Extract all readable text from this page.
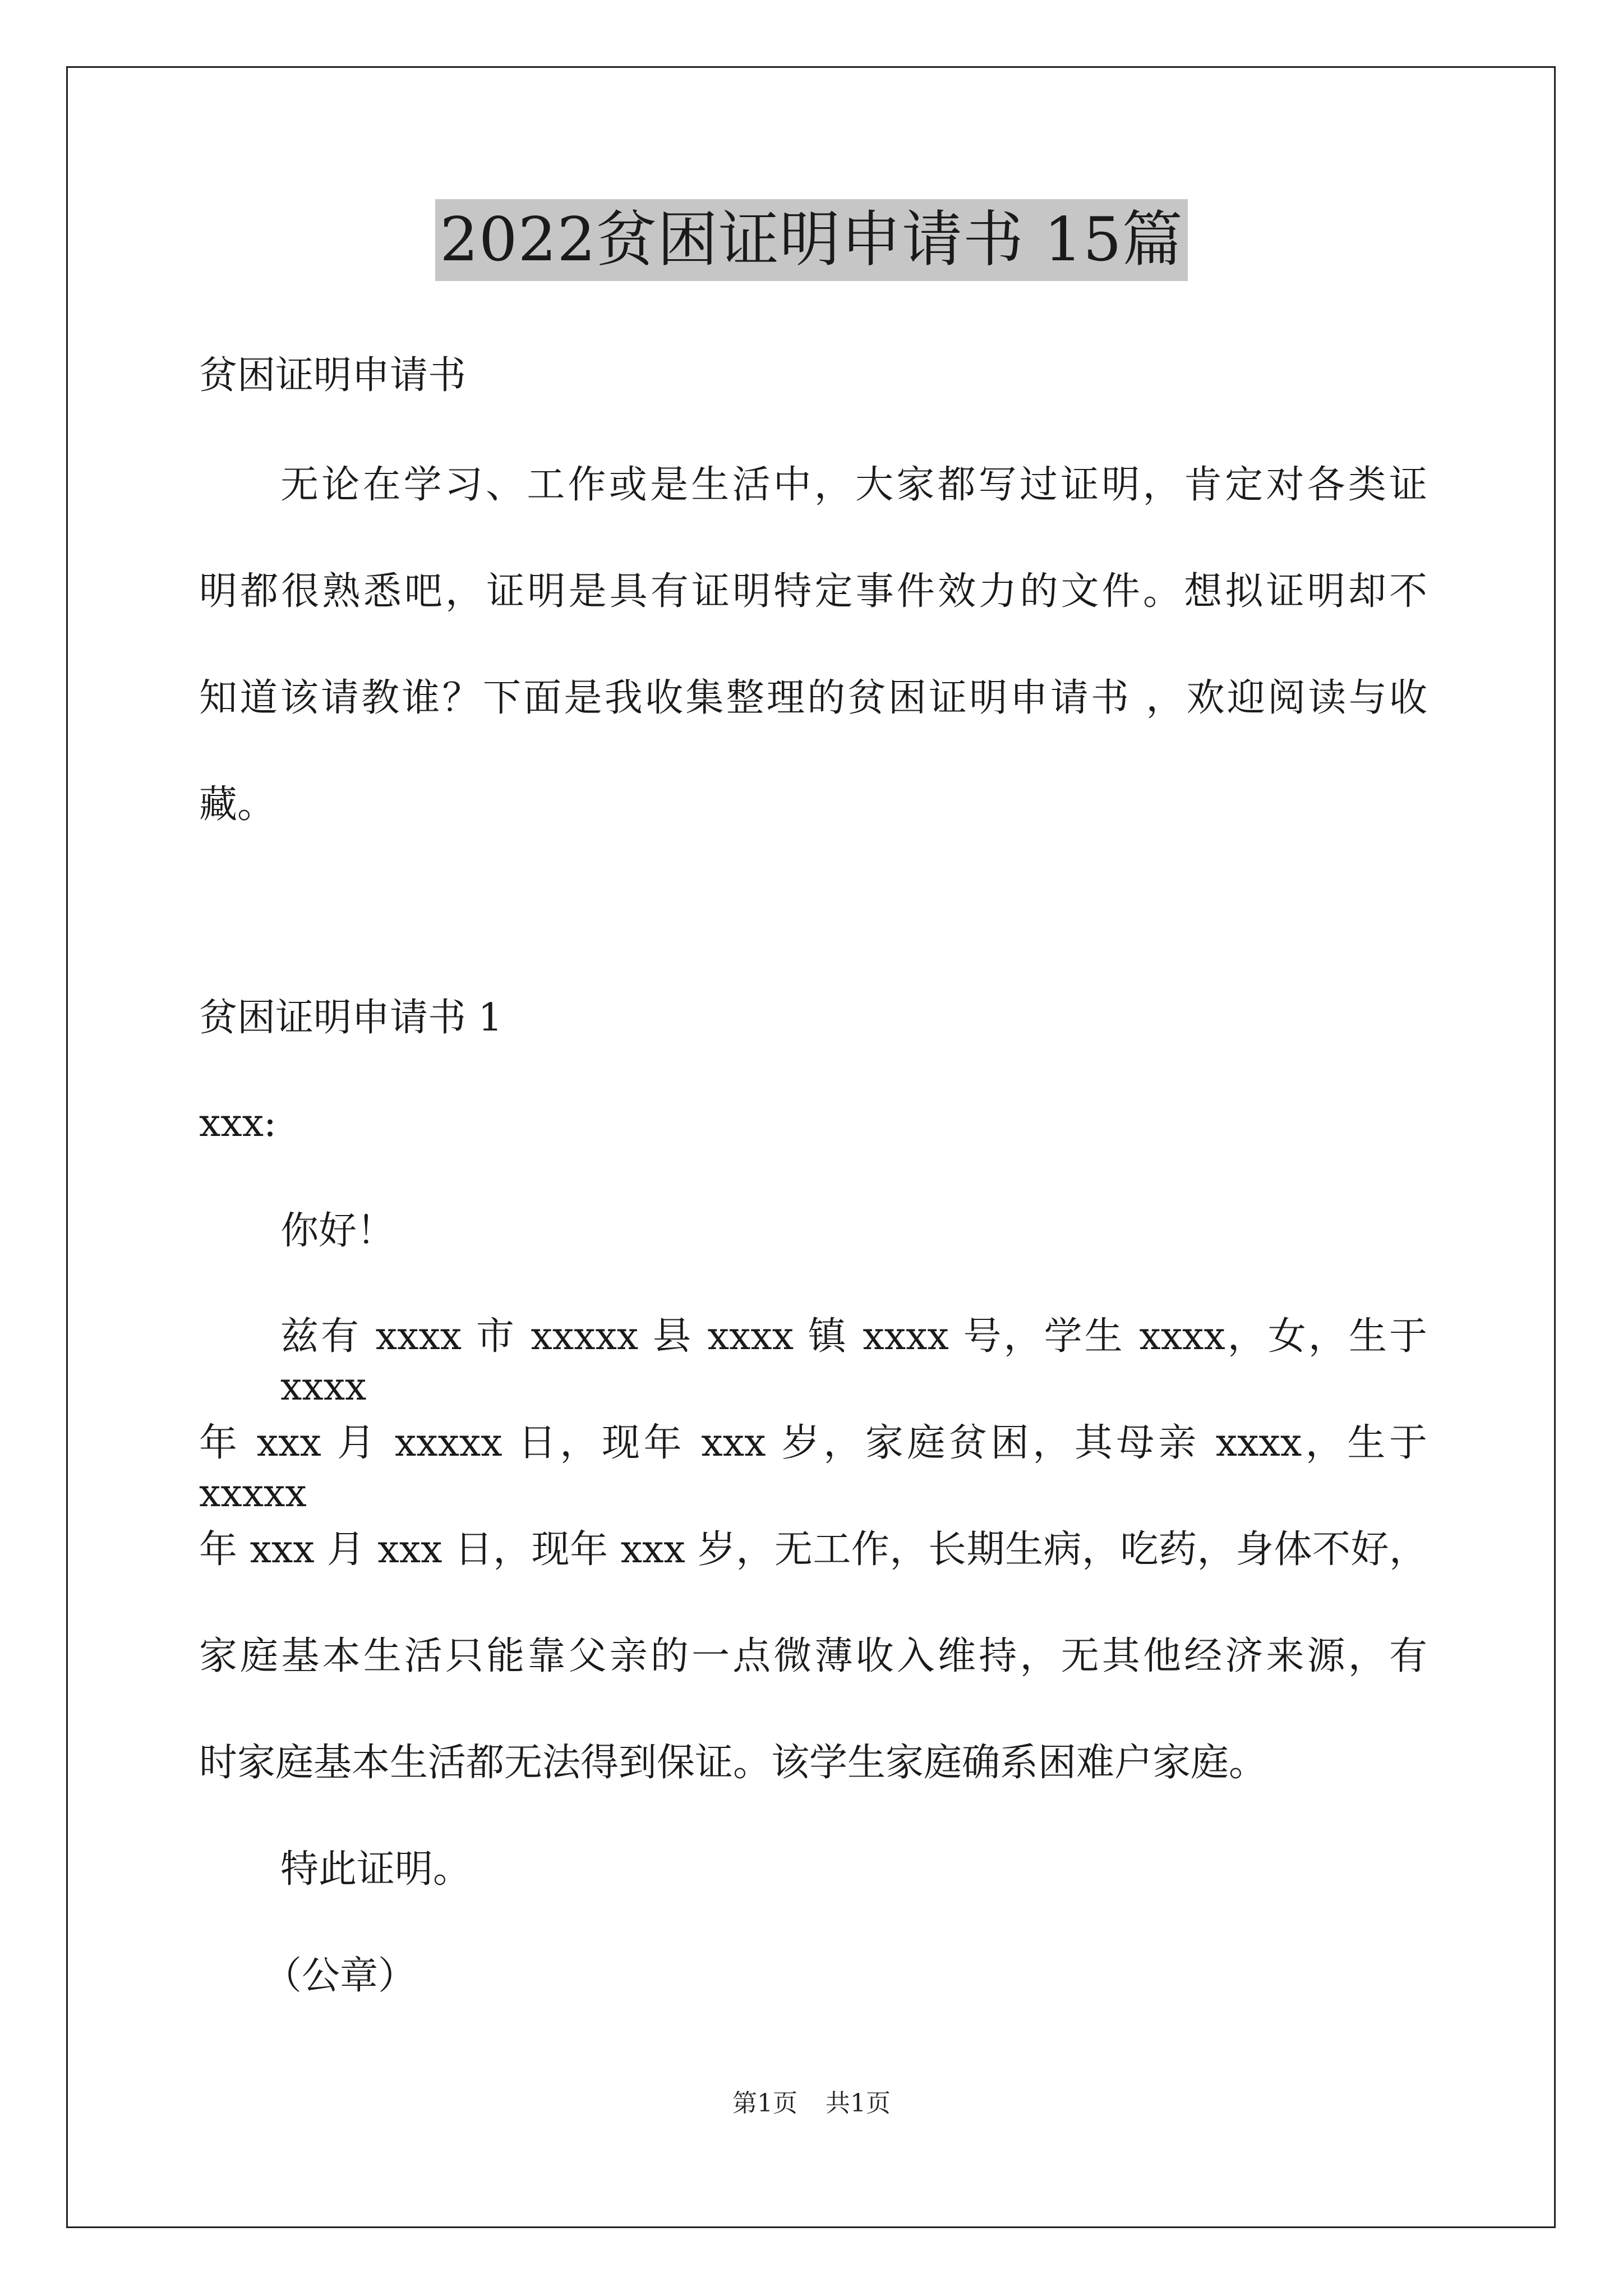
2022贫困证明申请书 15篇
贫困证明申请书
无论在学习、工作或是生活中，大家都写过证明，肯定对各类证
明都很熟悉吧，证明是具有证明特定事件效力的文件。想拟证明却不
知道该请教谁？下面是我收集整理的贫困证明申请书 ，欢迎阅读与收
藏。
贫困证明申请书 1
xxx:
你好！
兹有 xxxx 市 xxxxx 县 xxxx 镇 xxxx 号，学生 xxxx，女，生于 xxxx
年 xxx 月 xxxxx 日，现年 xxx 岁，家庭贫困，其母亲 xxxx，生于 xxxxx
年 xxx 月 xxx 日，现年 xxx 岁，无工作，长期生病，吃药，身体不好，
家庭基本生活只能靠父亲的一点微薄收入维持，无其他经济来源，有
时家庭基本生活都无法得到保证。该学生家庭确系困难户家庭。
特此证明。
（公章）
第1页 共1页
